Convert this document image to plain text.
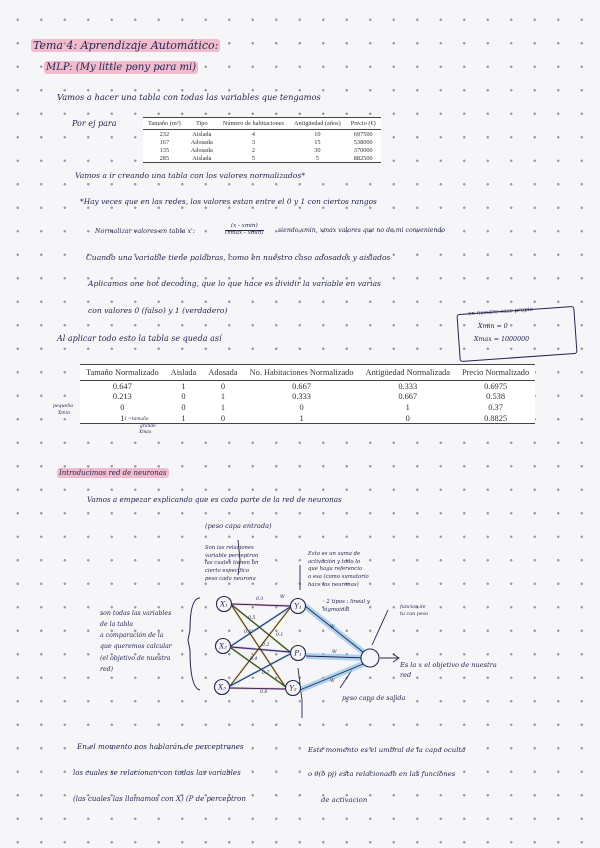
Tema 4: Aprendizaje Automático:
MLP: (My little pony para mi)
Vamos a hacer una tabla con todas las variables que tengamos
Por ej para	Tamaño (m²)	Tipo	Número de habitaciones	Antigüedad (años)	Precio (€)
232	Aislada	4	10	697500
167	Adosada	3	15	538000
135	Adosada	2	30	370000
285	Aislada	5	5	882500
Vamos a ir creando una tabla con los valores normalizados*
*Hay veces que en las redes, los valores estan entre el 0 y 1 con ciertos rangos
Normalizar valores en tabla x':
(x - xmin)
(xmax - xmin) siendo xmin, xmax valores que no de mi conveniendo
Cuando una variable tiene palabras, como en nuestro caso adosados y aislados
Aplicamos one hot decoding, que lo que hace es dividir la variable en varias
con valores 0 (falso) y 1 (verdadero)
Al aplicar todo esto la tabla se queda así
en nuestro caso propio
Xmin = 0
Xmax = 1000000
Tamaño Normalizado	Aislada	Adosada	No. Habitaciones Normalizado	Antigüedad Normalizada	Precio Normalizado
0.647	1	0	0.667	0.333	0.6975
0.213	0	1	0.333	0.667	0.538
0	0	1	0	1	0.37
1	1	0	1	0	0.8825
pequeña
Xmin
1 =tamaño
grande
Xmax
Introducimos red de neuronas
Vamos a empezar explicando que es cada parte de la red de neuronas
(peso capa entrada)
Son las relaciones
variable perceptron
las cuales tienen un
cierto especifico
peso cada neurona
Esto es un suma de
activación y todo lo
que haga referencia
a esa (como sumatorio
hace las neuronas)
· 2 tipos : lineal y
sigmoidal	funcion de
tu can peso
son todas las variables
de la tabla
a comparación de la
que queremos calcular
(el objetivo de nuestra
red)
Es la x el objetivo de nuestra
red
peso capa de salida
X₁
X₂
X₃
Y₁
P₁
Y₂
0.3
0.5
0.6
0.2
0.4
0.1
0.7
0.8
W
W
W
W
En el momento nos hablarán de perceptrones
los cuales se relacionan con todas las variables
(las cuales las llamamos con X) (P de perceptron
Este momento es el umbral de la capa oculta
o θ(o pj) esta relacionado en las funciones
de activacion
